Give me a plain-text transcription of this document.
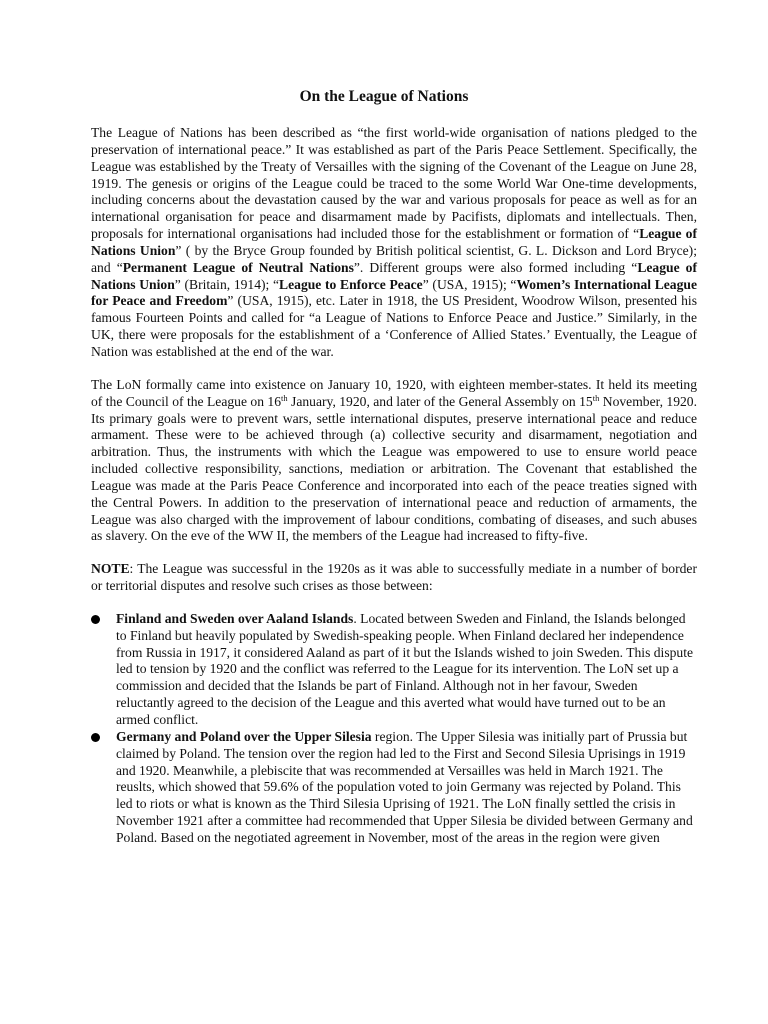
On the League of Nations

The League of Nations has been described as “the first world-wide organisation of nations pledged to the preservation of international peace.” It was established as part of the Paris Peace Settlement. Specifically, the League was established by the Treaty of Versailles with the signing of the Covenant of the League on June 28, 1919. The genesis or origins of the League could be traced to the some World War One-time developments, including concerns about the devastation caused by the war and various proposals for peace as well as for an international organisation for peace and disarmament made by Pacifists, diplomats and intellectuals. Then, proposals for international organisations had included those for the establishment or formation of “League of Nations Union” ( by the Bryce Group founded by British political scientist, G. L. Dickson and Lord Bryce); and “Permanent League of Neutral Nations”. Different groups were also formed including “League of Nations Union” (Britain, 1914); “League to Enforce Peace” (USA, 1915); “Women’s International League for Peace and Freedom” (USA, 1915), etc. Later in 1918, the US President, Woodrow Wilson, presented his famous Fourteen Points and called for “a League of Nations to Enforce Peace and Justice.” Similarly, in the UK, there were proposals for the establishment of a ‘Conference of Allied States.’ Eventually, the League of Nation was established at the end of the war.

The LoN formally came into existence on January 10, 1920, with eighteen member-states. It held its meeting of the Council of the League on 16th January, 1920, and later of the General Assembly on 15th November, 1920. Its primary goals were to prevent wars, settle international disputes, preserve international peace and reduce armament. These were to be achieved through (a) collective security and disarmament, negotiation and arbitration. Thus, the instruments with which the League was empowered to use to ensure world peace included collective responsibility, sanctions, mediation or arbitration. The Covenant that established the League was made at the Paris Peace Conference and incorporated into each of the peace treaties signed with the Central Powers. In addition to the preservation of international peace and reduction of armaments, the League was also charged with the improvement of labour conditions, combating of diseases, and such abuses as slavery. On the eve of the WW II, the members of the League had increased to fifty-five.

NOTE: The League was successful in the 1920s as it was able to successfully mediate in a number of border or territorial disputes and resolve such crises as those between:

Finland and Sweden over Aaland Islands. Located between Sweden and Finland, the Islands belonged to Finland but heavily populated by Swedish-speaking people. When Finland declared her independence from Russia in 1917, it considered Aaland as part of it but the Islands wished to join Sweden. This dispute led to tension by 1920 and the conflict was referred to the League for its intervention. The LoN set up a commission and decided that the Islands be part of Finland. Although not in her favour, Sweden reluctantly agreed to the decision of the League and this averted what would have turned out to be an armed conflict.
Germany and Poland over the Upper Silesia region. The Upper Silesia was initially part of Prussia but claimed by Poland. The tension over the region had led to the First and Second Silesia Uprisings in 1919 and 1920. Meanwhile, a plebiscite that was recommended at Versailles was held in March 1921. The reuslts, which showed that 59.6% of the population voted to join Germany was rejected by Poland. This led to riots or what is known as the Third Silesia Uprising of 1921. The LoN finally settled the crisis in November 1921 after a committee had recommended that Upper Silesia be divided between Germany and Poland. Based on the negotiated agreement in November, most of the areas in the region were given
